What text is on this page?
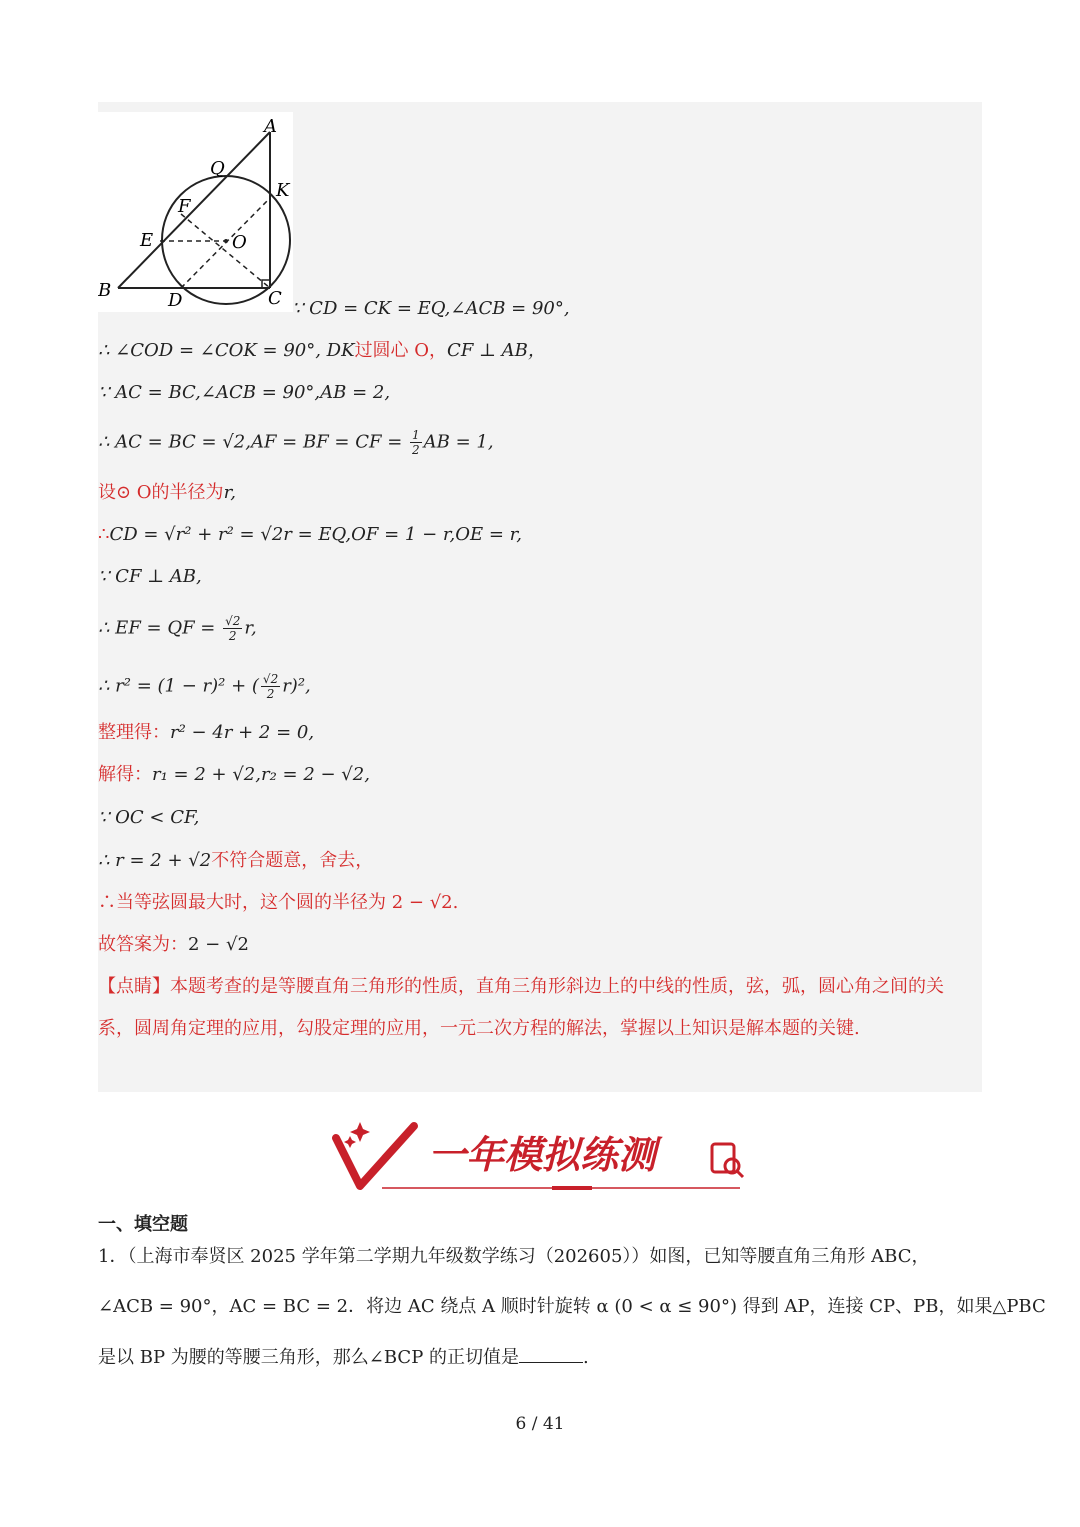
A
Q
K
F
E	O
B	D	C ∵ CD = CK = EQ,∠ACB = 90°,
∴ ∠COD = ∠COK = 90°, DK过圆心 O，CF ⊥ AB，
∵ AC = BC,∠ACB = 90°,AB = 2,
∴ AC = BC = √2,AF = BF = CF = $\frac{1}{2}$ AB = 1,
设⊙ O的半径为r,
∴CD = √r² + r² = √2r = EQ,OF = 1 − r,OE = r,
∵ CF ⊥ AB,
∴ EF = QF = $\frac{√2}{2} r$,
∴ r² = (1 − r)² + ( $\frac{√2}{2} r)^2$,
整理得：r² − 4r + 2 = 0,
解得：r₁ = 2 + √2,r₂ = 2 − √2,
∵ OC < CF,
∴ r = 2 + √2不符合题意，舍去，
∴当等弦圆最大时，这个圆的半径为 2 − √2.
故答案为：2 − √2
【点睛】本题考查的是等腰直角三角形的性质，直角三角形斜边上的中线的性质，弦，弧，圆心角之间的关系，圆周角定理的应用，勾股定理的应用，一元二次方程的解法，掌握以上知识是解本题的关键.
一年模拟练测
一、填空题
1．（上海市奉贤区 2025 学年第二学期九年级数学练习（202605））如图，已知等腰直角三角形 ABC，
∠ACB = 90°，AC = BC = 2．将边 AC 绕点 A 顺时针旋转 α (0 < α ≤ 90°) 得到 AP，连接 CP、PB，如果△PBC
是以 BP 为腰的等腰三角形，那么∠BCP 的正切值是	.
6 / 41
